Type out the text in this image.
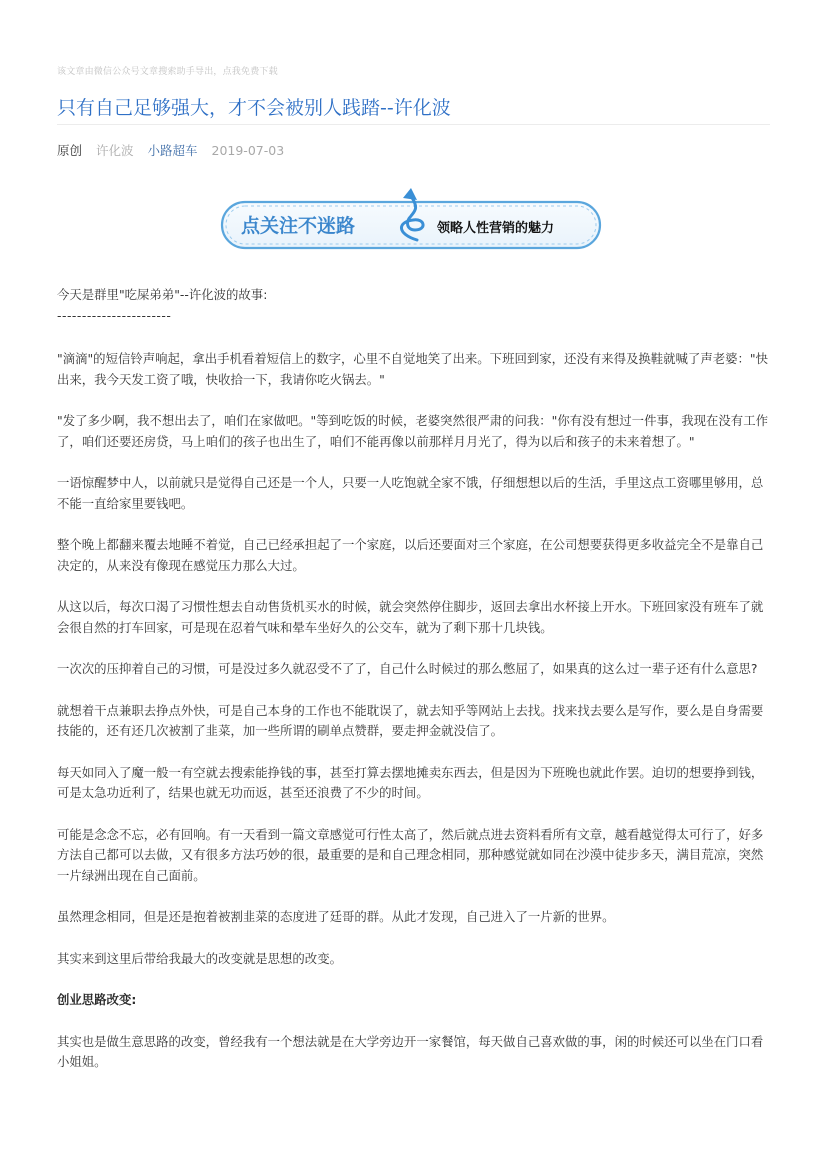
该文章由微信公众号文章搜索助手导出，点我免费下载
只有自己足够强大，才不会被别人践踏--许化波
原创 许化波 小路超车 2019-07-03
点关注不迷路	领略人性营销的魅力

今天是群里"吃屎弟弟"--许化波的故事:

-----------------------

"滴滴"的短信铃声响起，拿出手机看着短信上的数字，心里不自觉地笑了出来。下班回到家，还没有来得及换鞋就喊了声老婆："快出来，我今天发工资了哦，快收拾一下，我请你吃火锅去。"

"发了多少啊，我不想出去了，咱们在家做吧。"等到吃饭的时候，老婆突然很严肃的问我："你有没有想过一件事，我现在没有工作了，咱们还要还房贷，马上咱们的孩子也出生了，咱们不能再像以前那样月月光了，得为以后和孩子的未来着想了。"

一语惊醒梦中人，以前就只是觉得自己还是一个人，只要一人吃饱就全家不饿，仔细想想以后的生活，手里这点工资哪里够用，总不能一直给家里要钱吧。

整个晚上都翻来覆去地睡不着觉，自己已经承担起了一个家庭，以后还要面对三个家庭，在公司想要获得更多收益完全不是靠自己决定的，从来没有像现在感觉压力那么大过。

从这以后，每次口渴了习惯性想去自动售货机买水的时候，就会突然停住脚步，返回去拿出水杯接上开水。下班回家没有班车了就会很自然的打车回家，可是现在忍着气味和晕车坐好久的公交车，就为了剩下那十几块钱。

一次次的压抑着自己的习惯，可是没过多久就忍受不了了，自己什么时候过的那么憋屈了，如果真的这么过一辈子还有什么意思?

就想着干点兼职去挣点外快，可是自己本身的工作也不能耽误了，就去知乎等网站上去找。找来找去要么是写作，要么是自身需要技能的，还有还几次被割了韭菜，加一些所谓的刷单点赞群，要走押金就没信了。

每天如同入了魔一般一有空就去搜索能挣钱的事，甚至打算去摆地摊卖东西去，但是因为下班晚也就此作罢。迫切的想要挣到钱，可是太急功近利了，结果也就无功而返，甚至还浪费了不少的时间。

可能是念念不忘，必有回响。有一天看到一篇文章感觉可行性太高了，然后就点进去资料看所有文章，越看越觉得太可行了，好多方法自己都可以去做，又有很多方法巧妙的很，最重要的是和自己理念相同，那种感觉就如同在沙漠中徒步多天，满目荒凉，突然一片绿洲出现在自己面前。

虽然理念相同，但是还是抱着被割韭菜的态度进了廷哥的群。从此才发现，自己进入了一片新的世界。

其实来到这里后带给我最大的改变就是思想的改变。

创业思路改变:

其实也是做生意思路的改变，曾经我有一个想法就是在大学旁边开一家餐馆，每天做自己喜欢做的事，闲的时候还可以坐在门口看小姐姐。
